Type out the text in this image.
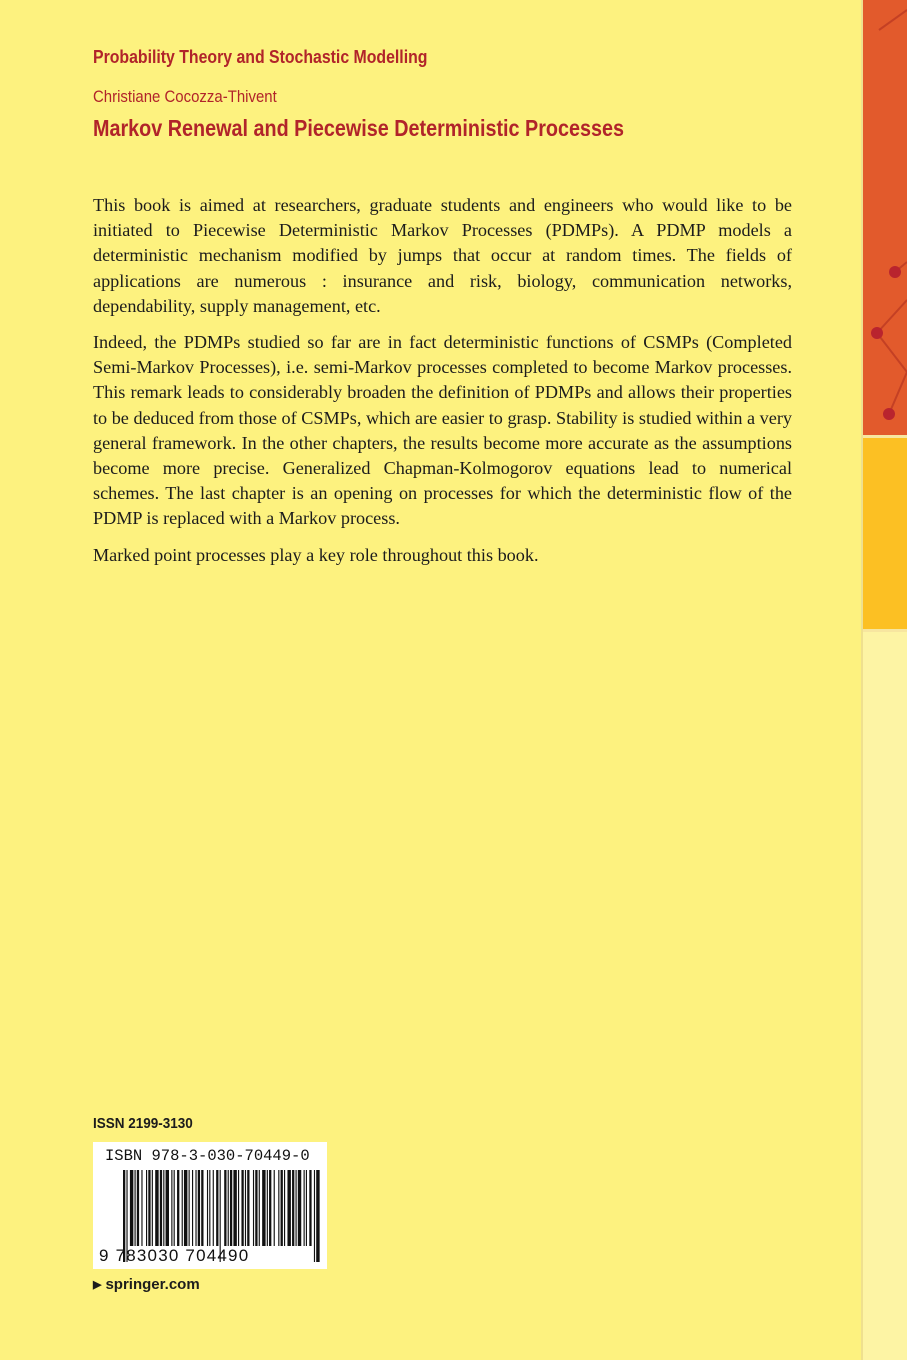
Probability Theory and Stochastic Modelling

Christiane Cocozza-Thivent

Markov Renewal and Piecewise Deterministic Processes

This book is aimed at researchers, graduate students and engineers who would like to be initiated to Piecewise Deterministic Markov Processes (PDMPs). A PDMP models a deterministic mechanism modified by jumps that occur at random times. The fields of applications are numerous : insurance and risk, biology, communication networks, dependability, supply management, etc.

Indeed, the PDMPs studied so far are in fact deterministic functions of CSMPs (Completed Semi-Markov Processes), i.e. semi-Markov processes completed to become Markov processes. This remark leads to considerably broaden the definition of PDMPs and allows their properties to be deduced from those of CSMPs, which are easier to grasp. Stability is studied within a very general framework. In the other chapters, the results become more accurate as the assumptions become more precise. Generalized Chapman-Kolmogorov equations lead to numerical schemes. The last chapter is an opening on processes for which the deterministic flow of the PDMP is replaced with a Markov process.

Marked point processes play a key role throughout this book.

ISSN 2199-3130

ISBN 978-3-030-70449-0

9 783030 704490

▶ springer.com
